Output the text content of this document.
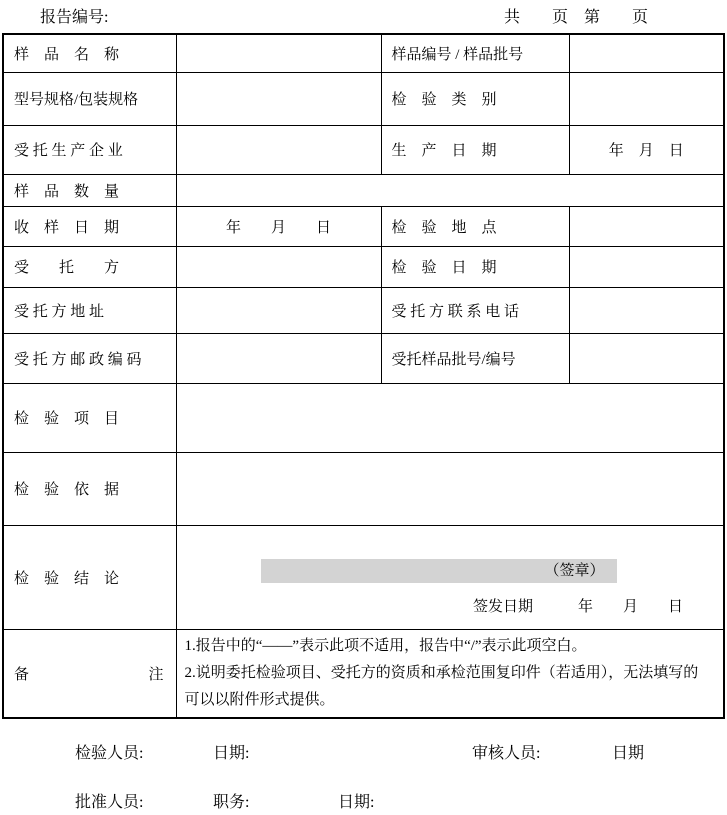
报告编号:	共　　页　第　　页
样　品　名　称		样品编号 / 样品批号	
型号规格/包装规格		检　验　类　别	
受 托 生 产 企 业		生　产　日　期	年　月　日
样　品　数　量			
收　样　日　期	年　　月　　日	检　验　地　点	
受　　托　　方		检　验　日　期	
受 托 方 地 址		受 托 方 联 系 电 话	
受 托 方 邮 政 编 码		受托样品批号/编号	
检　验　项　目			
检　验　依　据			
检　验　结　论	（签章）
签发日期　　　年　　月　　日		

备	注

1.报告中的“——”表示此项不适用，报告中“/”表示此项空白。
2.说明委托检验项目、受托方的资质和承检范围复印件（若适用），无法填写的可以以附件形式提供。
检验人员:	日期:	审核人员:	日期
批准人员:	职务:	日期:
